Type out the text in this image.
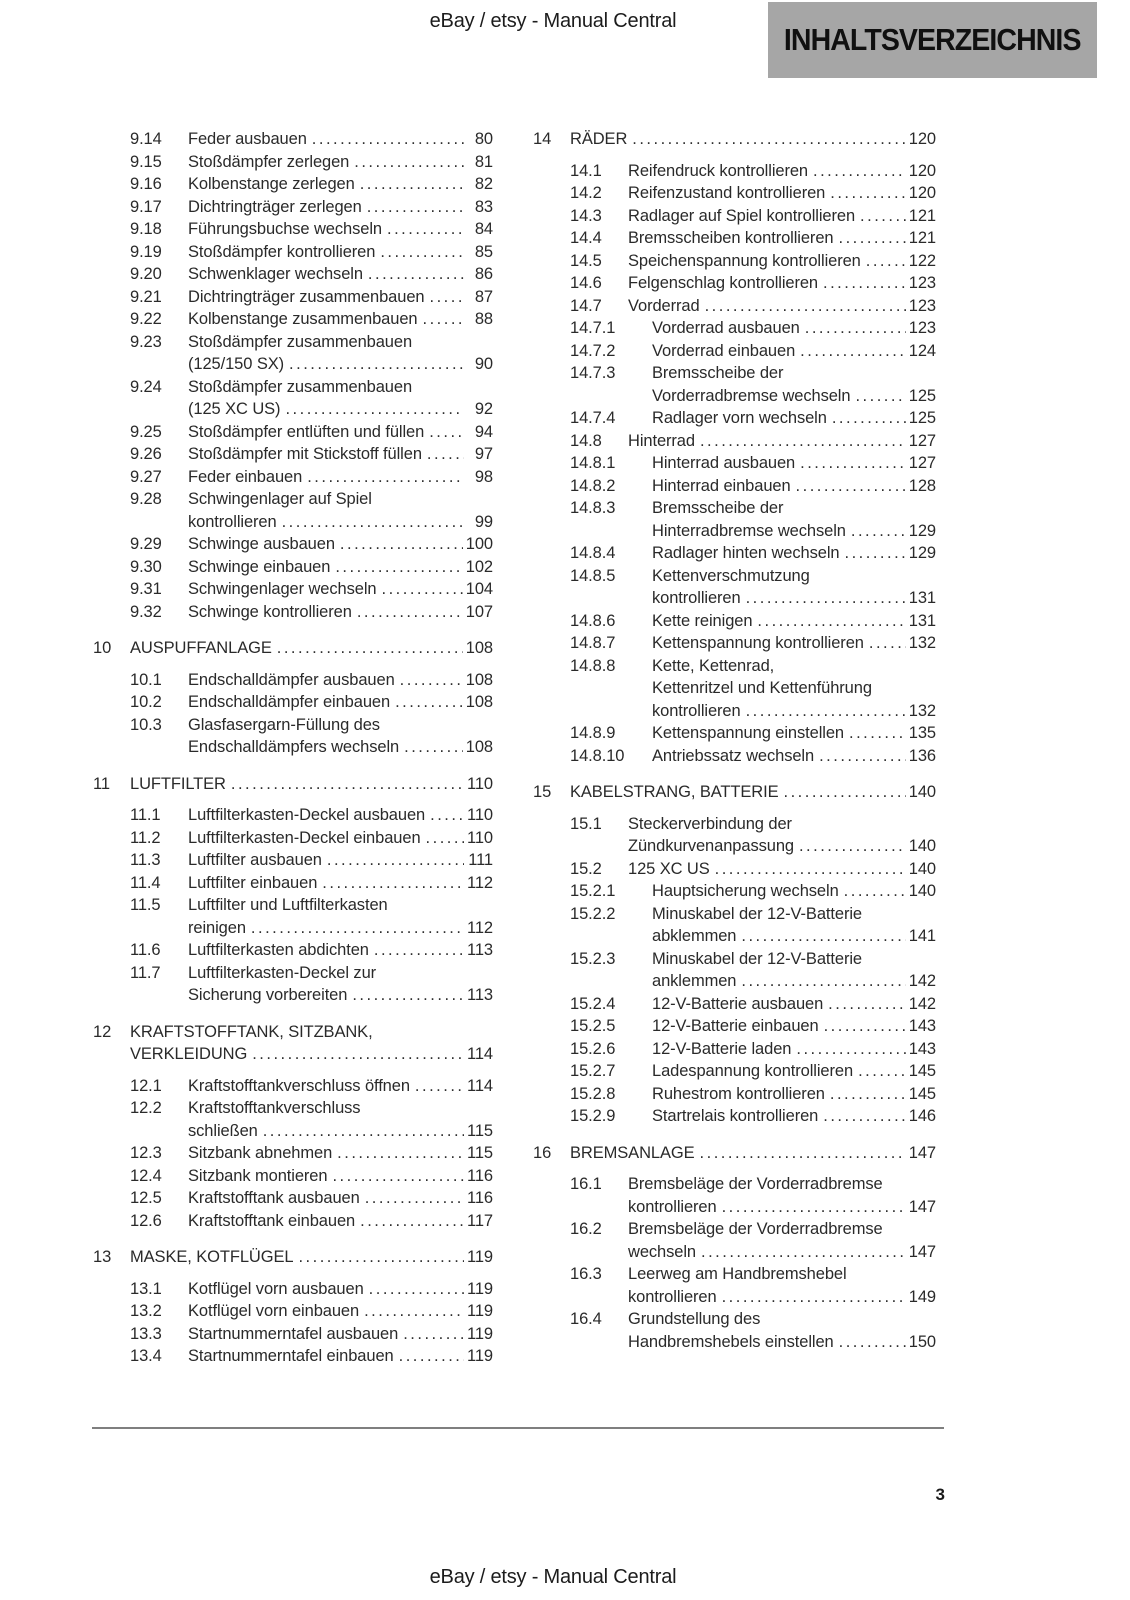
eBay / etsy - Manual Central
INHALTSVERZEICHNIS
9.14	Feder ausbauen .....	80
9.15	Stoßdämpfer zerlegen .....	81
9.16	Kolbenstange zerlegen .....	82
9.17	Dichtringträger zerlegen .....	83
9.18	Führungsbuchse wechseln .....	84
9.19	Stoßdämpfer kontrollieren .....	85
9.20	Schwenklager wechseln .....	86
9.21	Dichtringträger zusammenbauen .....	87
9.22	Kolbenstange zusammenbauen .....	88
9.23	Stoßdämpfer zusammenbauen
(125/150 SX) .....	90
9.24	Stoßdämpfer zusammenbauen
(125 XC US) .....	92
9.25	Stoßdämpfer entlüften und füllen .....	94
9.26	Stoßdämpfer mit Stickstoff füllen .....	97
9.27	Feder einbauen .....	98
9.28	Schwingenlager auf Spiel
kontrollieren .....	99
9.29	Schwinge ausbauen .....	100
9.30	Schwinge einbauen .....	102
9.31	Schwingenlager wechseln .....	104
9.32	Schwinge kontrollieren .....	107
10	AUSPUFFANLAGE .....	108
10.1	Endschalldämpfer ausbauen .....	108
10.2	Endschalldämpfer einbauen .....	108
10.3	Glasfasergarn-Füllung des
Endschalldämpfers wechseln .....	108
11	LUFTFILTER .....	110
11.1	Luftfilterkasten-Deckel ausbauen .....	110
11.2	Luftfilterkasten-Deckel einbauen .....	110
11.3	Luftfilter ausbauen .....	111
11.4	Luftfilter einbauen .....	112
11.5	Luftfilter und Luftfilterkasten
reinigen .....	112
11.6	Luftfilterkasten abdichten .....	113
11.7	Luftfilterkasten-Deckel zur
Sicherung vorbereiten .....	113
12	KRAFTSTOFFTANK, SITZBANK,
VERKLEIDUNG .....	114
12.1	Kraftstofftankverschluss öffnen .....	114
12.2	Kraftstofftankverschluss
schließen .....	115
12.3	Sitzbank abnehmen .....	115
12.4	Sitzbank montieren .....	116
12.5	Kraftstofftank ausbauen .....	116
12.6	Kraftstofftank einbauen .....	117
13	MASKE, KOTFLÜGEL .....	119
13.1	Kotflügel vorn ausbauen .....	119
13.2	Kotflügel vorn einbauen .....	119
13.3	Startnummerntafel ausbauen .....	119
13.4	Startnummerntafel einbauen .....	119
14	RÄDER .....	120
14.1	Reifendruck kontrollieren .....	120
14.2	Reifenzustand kontrollieren .....	120
14.3	Radlager auf Spiel kontrollieren .....	121
14.4	Bremsscheiben kontrollieren .....	121
14.5	Speichenspannung kontrollieren .....	122
14.6	Felgenschlag kontrollieren .....	123
14.7	Vorderrad .....	123
14.7.1	Vorderrad ausbauen .....	123
14.7.2	Vorderrad einbauen .....	124
14.7.3	Bremsscheibe der
Vorderradbremse wechseln .....	125
14.7.4	Radlager vorn wechseln .....	125
14.8	Hinterrad .....	127
14.8.1	Hinterrad ausbauen .....	127
14.8.2	Hinterrad einbauen .....	128
14.8.3	Bremsscheibe der
Hinterradbremse wechseln .....	129
14.8.4	Radlager hinten wechseln .....	129
14.8.5	Kettenverschmutzung
kontrollieren .....	131
14.8.6	Kette reinigen .....	131
14.8.7	Kettenspannung kontrollieren .....	132
14.8.8	Kette, Kettenrad,
Kettenritzel und Kettenführung
kontrollieren .....	132
14.8.9	Kettenspannung einstellen .....	135
14.8.10	Antriebssatz wechseln .....	136
15	KABELSTRANG, BATTERIE .....	140
15.1	Steckerverbindung der
Zündkurvenanpassung .....	140
15.2	125 XC US .....	140
15.2.1	Hauptsicherung wechseln .....	140
15.2.2	Minuskabel der 12-V-Batterie
abklemmen .....	141
15.2.3	Minuskabel der 12-V-Batterie
anklemmen .....	142
15.2.4	12-V-Batterie ausbauen .....	142
15.2.5	12-V-Batterie einbauen .....	143
15.2.6	12-V-Batterie laden .....	143
15.2.7	Ladespannung kontrollieren .....	145
15.2.8	Ruhestrom kontrollieren .....	145
15.2.9	Startrelais kontrollieren .....	146
16	BREMSANLAGE .....	147
16.1	Bremsbeläge der Vorderradbremse
kontrollieren .....	147
16.2	Bremsbeläge der Vorderradbremse
wechseln .....	147
16.3	Leerweg am Handbremshebel
kontrollieren .....	149
16.4	Grundstellung des
Handbremshebels einstellen .....	150
3
eBay / etsy - Manual Central
